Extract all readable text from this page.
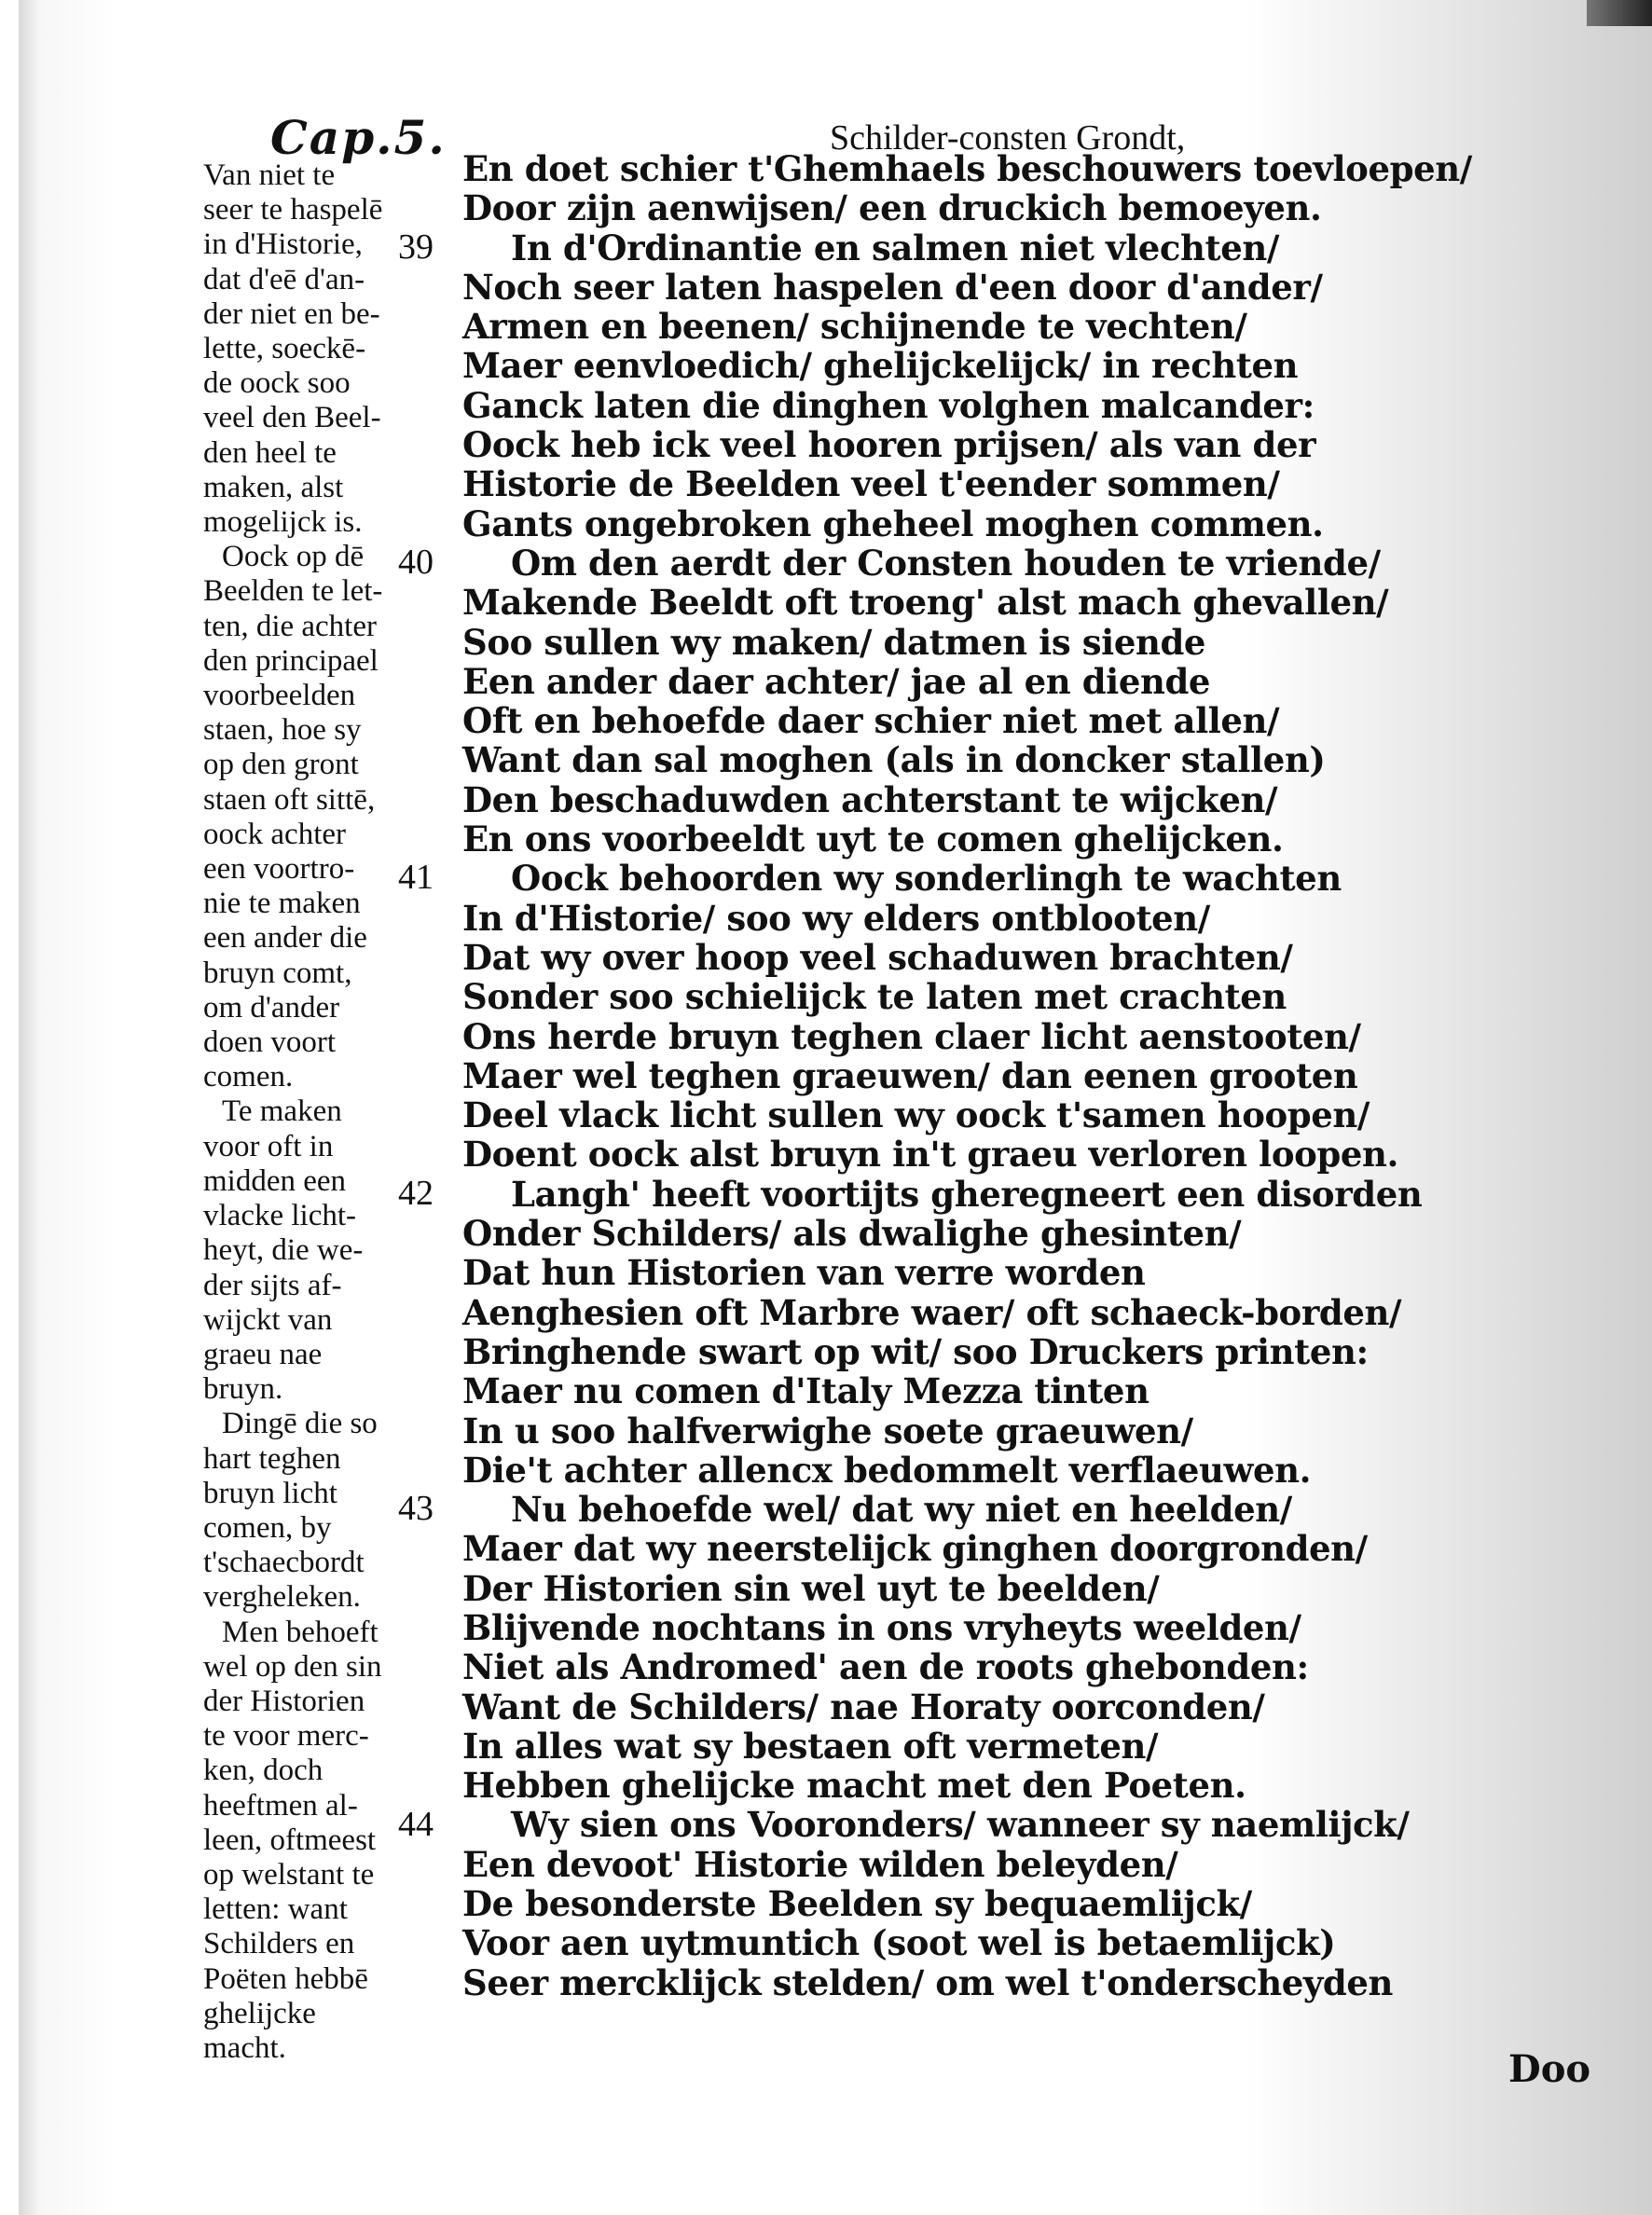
Cap.5.	Schilder-consten Grondt,
Van niet te
seer te haspelē
in d'Historie,
dat d'eē d'an-
der niet en be-
lette, soeckē-
de oock soo
veel den Beel-
den heel te
maken, alst
mogelijck is.
Oock op dē
Beelden te let-
ten, die achter
den principael
voorbeelden
staen, hoe sy
op den gront
staen oft sittē,
oock achter
een voortro-
nie te maken
een ander die
bruyn comt,
om d'ander
doen voort
comen.
Te maken
voor oft in
midden een
vlacke licht-
heyt, die we-
der sijts af-
wijckt van
graeu nae
bruyn.
Dingē die so
hart teghen
bruyn licht
comen, by
t'schaecbordt
vergheleken.
Men behoeft
wel op den sin
der Historien
te voor merc-
ken, doch
heeftmen al-
leen, oftmeest
op welstant te
letten: want
Schilders en
Poëten hebbē
ghelijcke
macht.
39
40
41
42
43
44
En doet schier t'Ghemhaels beschouwers toevloepen/
Door zijn aenwijsen/ een druckich bemoeyen.
In d'Ordinantie en salmen niet vlechten/
Noch seer laten haspelen d'een door d'ander/
Armen en beenen/ schijnende te vechten/
Maer eenvloedich/ ghelijckelijck/ in rechten
Ganck laten die dinghen volghen malcander:
Oock heb ick veel hooren prijsen/ als van der
Historie de Beelden veel t'eender sommen/
Gants ongebroken gheheel moghen commen.
Om den aerdt der Consten houden te vriende/
Makende Beeldt oft troeng' alst mach ghevallen/
Soo sullen wy maken/ datmen is siende
Een ander daer achter/ jae al en diende
Oft en behoefde daer schier niet met allen/
Want dan sal moghen (als in doncker stallen)
Den beschaduwden achterstant te wijcken/
En ons voorbeeldt uyt te comen ghelijcken.
Oock behoorden wy sonderlingh te wachten
In d'Historie/ soo wy elders ontblooten/
Dat wy over hoop veel schaduwen brachten/
Sonder soo schielijck te laten met crachten
Ons herde bruyn teghen claer licht aenstooten/
Maer wel teghen graeuwen/ dan eenen grooten
Deel vlack licht sullen wy oock t'samen hoopen/
Doent oock alst bruyn in't graeu verloren loopen.
Langh' heeft voortijts gheregneert een disorden
Onder Schilders/ als dwalighe ghesinten/
Dat hun Historien van verre worden
Aenghesien oft Marbre waer/ oft schaeck-borden/
Bringhende swart op wit/ soo Druckers printen:
Maer nu comen d'Italy Mezza tinten
In u soo halfverwighe soete graeuwen/
Die't achter allencx bedommelt verflaeuwen.
Nu behoefde wel/ dat wy niet en heelden/
Maer dat wy neerstelijck ginghen doorgronden/
Der Historien sin wel uyt te beelden/
Blijvende nochtans in ons vryheyts weelden/
Niet als Andromed' aen de roots ghebonden:
Want de Schilders/ nae Horaty oorconden/
In alles wat sy bestaen oft vermeten/
Hebben ghelijcke macht met den Poeten.
Wy sien ons Vooronders/ wanneer sy naemlijck/
Een devoot' Historie wilden beleyden/
De besonderste Beelden sy bequaemlijck/
Voor aen uytmuntich (soot wel is betaemlijck)
Seer mercklijck stelden/ om wel t'onderscheyden
Doo
